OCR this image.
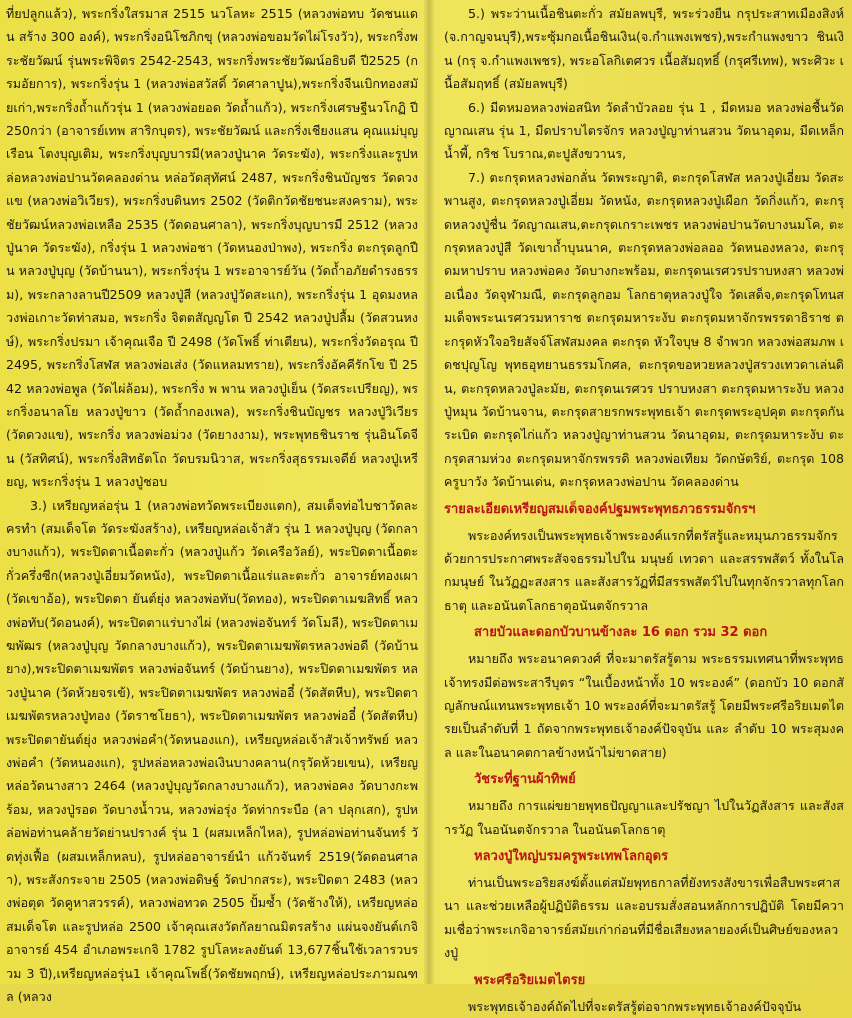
ที่ยปลูกแล้ว), พระกริ่งใสรมาส 2515 นวโลหะ 2515 (หลวงพ่อทบ วัดชนแดน สร้าง 300 องค์), พระกริ่งอนิโชภิกขุ (หลวงพ่อขอมวัดไผ่โรงวัว), พระกริ่งพระชัยวัฒน์ รุ่นพระพิจิตร 2542-2543, พระกริ่งพระชัยวัฒน์อธิบดี ปี2525 (กรมอัยการ), พระกริ่งรุ่น 1 (หลวงพ่อสวัสดิ์ วัดศาลาปูน),พระกริ่งจีนเบิกทองสมัยเก่า,พระกริ่งถ้ำแก้วรุ่น 1 (หลวงพ่อยอด วัดถ้ำแก้ว), พระกริ่งเศรษฐีนวโกฏิ ปี250กว่า (อาจารย์เทพ สาริกบุตร), พระชัยวัฒน์ และกริ่งเชียงแสน คุณแม่บุญเรือน โตงบุญเติม, พระกริ่งบุญบารมี(หลวงปู่นาค วัดระฆัง), พระกริ่งและรูปหล่อหลวงพ่อปานวัดคลองด่าน หล่อวัดสุทัศน์ 2487, พระกริ่งชินบัญชร วัดดวงแข (หลวงพ่อวิเวียร), พระกริ่งบดินทร 2502 (วัดติกวัดชัยชนะสงคราม), พระชัยวัฒน์หลวงพ่อเหลือ 2535 (วัดดอนศาลา), พระกริ่งบุญบารมี 2512 (หลวงปู่นาค วัดระฆัง), กริ่งรุ่น 1 หลวงพ่อชา (วัดหนองป่าพง), พระกริ่ง ตะกรุดลูกปืน หลวงปู่บุญ (วัดบ้านนา), พระกริ่งรุ่น 1 พระอาจารย์วัน (วัดถ้ำอภัยดำรงธรรม), พระกลางลานปี2509 หลวงปู่สี (หลวงปู่วัดสะแก), พระกริ่งรุ่น 1 อุดมงหลวงพ่อเกาะวัดท่าสมอ, พระกริ่ง จิตตสัญญโต ปี 2542 หลวงปู่ปลื้ม (วัดสวนหงษ์), พระกริ่งปรมา เจ้าคุณเจือ ปี 2498 (วัดโพธิ์ ท่าเตียน), พระกริ่งวัดอรุณ ปี 2495, พระกริ่งโสฬส หลวงพ่อเส่ง (วัดแหลมทราย), พระกริ่งอัคคีรักโข ปี 2542 หลวงพ่อพูล (วัดไผ่ล้อม), พระกริ่ง พ พาน หลวงปู่เย็น (วัดสระเปรียญ), พระกริ่งอนาลโย หลวงปู่ขาว (วัดถ้ำกองเพล), พระกริ่งชินบัญชร หลวงปู่วิเวียร (วัดดวงแข), พระกริ่ง หลวงพ่อม่วง (วัดยางงาม), พระพุทธชินราช รุ่นอินโดจีน (วัสทิศน์), พระกริ่งสิทธัตโถ วัดบรมนิวาส, พระกริ่งสุธรรมเจดีย์ หลวงปู่เหรียญ, พระกริ่งรุ่น 1 หลวงปู่ชอบ

3.) เหรียญหล่อรุ่น 1 (หลวงพ่อทวัดพระเบียงแตก), สมเด็จท่อไบชาวัดละครทำ (สมเด็จโต วัดระฆังสร้าง), เหรียญหล่อเจ้าสัว รุ่น 1 หลวงปู่บุญ (วัดกลางบางแก้ว), พระปิดตาเนื้อตะกั่ว (หลวงปู่แก้ว วัดเครือวัลย์), พระปิดตาเนื้อตะกั่วครึ่งซีก(หลวงปู่เอี่ยมวัดหนัง), พระปิดตาเนื้อแร่และตะกั่ว อาจารย์ทองเผา(วัดเขาอ้อ), พระปิดตา ยันต์ยุ่ง หลวงพ่อทับ(วัดทอง), พระปิดตาเมฆสิทธิ์ หลวงพ่อทับ(วัดอนงค์), พระปิดตาแร่บางไผ่ (หลวงพ่อจันทร์ วัดโมลี), พระปิดตาเมฆพัฒร (หลวงปู่บุญ วัดกลางบางแก้ว), พระปิดตาเมฆพัตรหลวงพ่อดี (วัดบ้านยาง),พระปิดตาเมฆพัตร หลวงพ่อจันทร์ (วัดบ้านยาง), พระปิดตาเมฆพัตร หลวงปู่นาค (วัดห้วยจรเข้), พระปิดตาเมฆพัตร หลวงพ่ออี๋ (วัดสัตหีบ), พระปิดตาเมฆพัตรหลวงปู่ทอง (วัดราชโยธา), พระปิดตาเมฆพัตร หลวงพ่ออี๋ (วัดสัตหีบ) พระปิดตายันต์ยุ่ง หลวงพ่อคำ(วัดหนองแก), เหรียญหล่อเจ้าสัวเจ้าทรัพย์ หลวงพ่อคำ (วัดหนองแก), รูปหล่อหลวงพ่อเงินบางคลาน(กรุวัดห้วยเขน), เหรียญหล่อวัดนางสาว 2464 (หลวงปู่บุญวัดกลางบางแก้ว), หลวงพ่อคง วัดบางกะพร้อม, หลวงปู่รอด วัดบางน้ำวน, หลวงพ่อรุ่ง วัดท่ากระบือ (ลา ปลุกเสก), รูปหล่อพ่อท่านคล้ายวัดย่านปรางค์ รุ่น 1 (ผสมเหล็กไหล), รูปหล่อพ่อท่านจันทร์ วัดทุ่งเฟื้อ (ผสมเหล็กหลบ), รูปหล่ออาจารย์นำ แก้วจันทร์ 2519(วัดดอนศาลา), พระสังกระจาย 2505 (หลวงพ่อดิษฐ์ วัดปากสระ), พระปิดตา 2483 (หลวงพ่อตุด วัดคูหาสวรรค์), หลวงพ่อทวด 2505 ปั้มซ้ำ (วัดช้างให้), เหรียญหล่อสมเด็จโต และรูปหล่อ 2500 เจ้าคุณเสงวัดกัลยาณมิตรสร้าง แผ่นจงยันต์เกจิอาจารย์ 454 อำเภอพระเกจิ 1782 รูปโลหะลงยันต์ 13,677ชิ้นใช้เวลารวบรวม 3 ปี),เหรียญหล่อรุ่น1 เจ้าคุณโพธิ์(วัดชัยพฤกษ์), เหรียญหล่อประภามณฑล (หลวง

5.) พระว่านเนื้อชินตะกั่ว สมัยลพบุรี, พระร่วงยืน กรุประสาทเมืองสิงห์ (จ.กาญจนบุรี),พระซุ้มกอเนื้อชินเงิน(จ.กำแพงเพชร),พระกำแพงขาว ชินเงิน (กรุ จ.กำแพงเพชร), พระอโลกิเตศวร เนื้อสัมฤทธิ์ (กรุศรีเทพ), พระศิวะ เนื้อสัมฤทธิ์ (สมัยลพบุรี)

6.) มีดหมอหลวงพ่อสนิท วัดลำบัวลอย รุ่น 1 , มีดหมอ หลวงพ่อชื้นวัดญาณเสน รุ่น 1, มีดปราบไตรจักร หลวงปู่ญาท่านสวน วัดนาอุดม, มีดเหล็กน้ำพี้, กริช โบราณ,ตะปูสังขวานร,

7.) ตะกรุดหลวงพ่อกลั่น วัดพระญาติ, ตะกรุดโสฬส หลวงปู่เอี่ยม วัดสะพานสูง, ตะกรุดหลวงปู่เอี่ยม วัดหนัง, ตะกรุดหลวงปู่เผือก วัดกิ่งแก้ว, ตะกรุดหลวงปู่ชื่น วัดญาณเสน,ตะกรุดเกราะเพชร หลวงพ่อปานวัดบางนมโค, ตะกรุดหลวงปู่สี วัดเขาถ้ำบุนนาค, ตะกรุดหลวงพ่อลออ วัดหนองหลวง, ตะกรุดมหาปราบ หลวงพ่อคง วัดบางกะพร้อม, ตะกรุดนเรศวรปราบหงสา หลวงพ่อเนื่อง วัดจุฬามณี, ตะกรุดลูกอม โลกธาตุหลวงปู่ใจ วัดเสด็จ,ตะกรุดโทนสมเด็จพระนเรศวรมหาราช ตะกรุดมหาระงับ ตะกรุดมหาจักรพรรดาธิราช ตะกรุดหัวใจอริยสัจจ์โสฬสมงคล ตะกรุด หัวใจบุษ 8 จำพวก หลวงพ่อสมภพ เดชปุญโญ พุทธอุทยานธรรมโกศล, ตะกรุดขอหวยหลวงปู่สรวงเทวดาเล่นดิน, ตะกรุดหลวงปู่ละมัย, ตะกรุดนเรศวร ปราบหงสา ตะกรุดมหาระงับ หลวงปู่หมุน วัดบ้านจาน, ตะกรุดสายรกพระพุทธเจ้า ตะกรุดพระอุปคุต ตะกรุดกันระเบิด ตะกรุดไก่แก้ว หลวงปู่ญาท่านสวน วัดนาอุดม, ตะกรุดมหาระงับ ตะกรุดสามห่วง ตะกรุดมหาจักรพรรดิ หลวงพ่อเทียม วัดกษัตริย์, ตะกรุด 108 ครูบาวัง วัดบ้านเด่น, ตะกรุดหลวงพ่อปาน วัดคลองด่าน

รายละเอียดเหรียญสมเด็จองค์ปฐมพระพุทธภวธรรมจักรฯ

พระองค์ทรงเป็นพระพุทธเจ้าพระองค์แรกที่ตรัสรู้และหมุนภวธรรมจักร ด้วยการประกาศพระสัจจธรรมไปใน มนุษย์ เทวดา และสรรพสัตว์ ทั้งในโลกมนุษย์ ในวัฏฏะสงสาร และสังสารวัฏที่มีสรรพสัตว์ไปในทุกจักรวาลทุกโลกธาตุ และอนันตโลกธาตุอนันตจักรวาล

สายบัวและดอกบัวบานข้างละ 16 ดอก รวม 32 ดอก

หมายถึง พระอนาคตวงศ์ ที่จะมาตรัสรู้ตาม พระธรรมเทศนาที่พระพุทธเจ้าทรงมีต่อพระสารีบุตร “ในเบื้องหน้าทั้ง 10 พระองค์” (ดอกบัว 10 ดอกสัญลักษณ์แทนพระพุทธเจ้า 10 พระองค์ที่จะมาตรัสรู้ โดยมีพระศรีอริยเมตไตรยเป็นลำดับที่ 1 ถัดจากพระพุทธเจ้าองค์ปัจจุบัน และ ลำดับ 10 พระสุมงคล และในอนาคตกาลข้างหน้าไม่ขาดสาย)

วัชระที่ฐานผ้าทิพย์

หมายถึง การแผ่ขยายพุทธปัญญาและปรัชญา ไปในวัฏสังสาร และสังสารวัฏ ในอนันตจักรวาล ในอนันตโลกธาตุ

หลวงปู่ใหญ่บรมครูพระเทพโลกอุดร

ท่านเป็นพระอริยสงฆ์ตั้งแต่สมัยพุทธกาลที่ยังทรงสังขารเพื่อสืบพระศาสนา และช่วยเหลือผู้ปฏิบัติธรรม และอบรมสั่งสอนหลักการปฏิบัติ โดยมีความเชื่อว่าพระเกจิอาจารย์สมัยเก่าก่อนที่มีชื่อเสียงหลายองค์เป็นศิษย์ของหลวงปู่

พระศรีอริยเมตไตรย

พระพุทธเจ้าองค์ถัดไปที่จะตรัสรู้ต่อจากพระพุทธเจ้าองค์ปัจจุบัน
